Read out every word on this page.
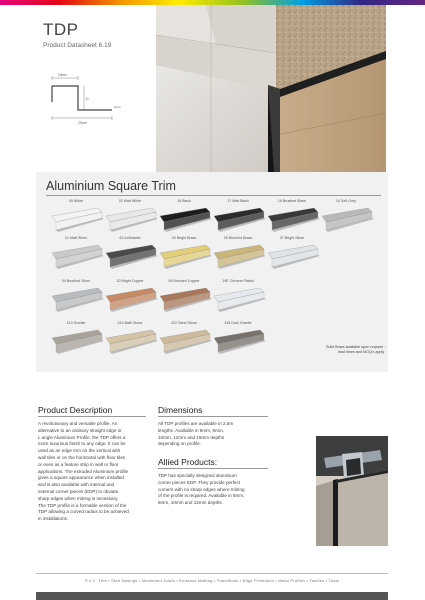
TDP
Product Datasheet 6.19
10mm
D
1mm
27mm
Aluminium Square Trim
09 White	02 Matt White	16 Black	17 Matt Black	18 Brushed Black	24 Soft Grey
01 Matt Silver	62 Anthracite	03 Bright Brass	05 Brushed Brass	07 Bright Silver
04 Brushed Silver	10 Bright Copper	06 Brushed Copper	19E Chrome Plated
413 Granite	414 Bath Stone	422 Sand Stone	416 Dark Granite
Solid Brass available upon request -
lead times and MOQ's apply.
Product Description
A revolutionary and versatile profile. An
alternative to an ordinary straight edge or
L angle Aluminium Profile, the TDP offers a
more luxurious finish to any edge. It can be
used as an edge trim on the vertical with
wall tiles or on the horizontal with floor tiles
or even as a feature strip in wall or floor
applications. The extruded Aluminium profile
gives a square appearance when installed
and is also available with internal and
external corner pieces (EDP) to obviate
sharp edges when mitring is necessary.
The TDP profile is a formable version of the
TDP allowing a curved radius to be achieved
in installations.
Dimensions
All TDP profiles are available in 2.5m
lengths. Available in 6mm, 8mm,
10mm, 12mm and 15mm depths
depending on profile.
Allied Products:
TDP has specially designed aluminium
corner pieces EDP. They provide perfect
corners with no sharp edges where mitring
of the profile is required. Available in 6mm,
8mm, 10mm and 12mm depths.
P.V.C. Trim • Stair Nosings • Movement Joints • Entrance Matting • Transitions • Edge Protection • Metal Profiles • Tactiles • Tools
